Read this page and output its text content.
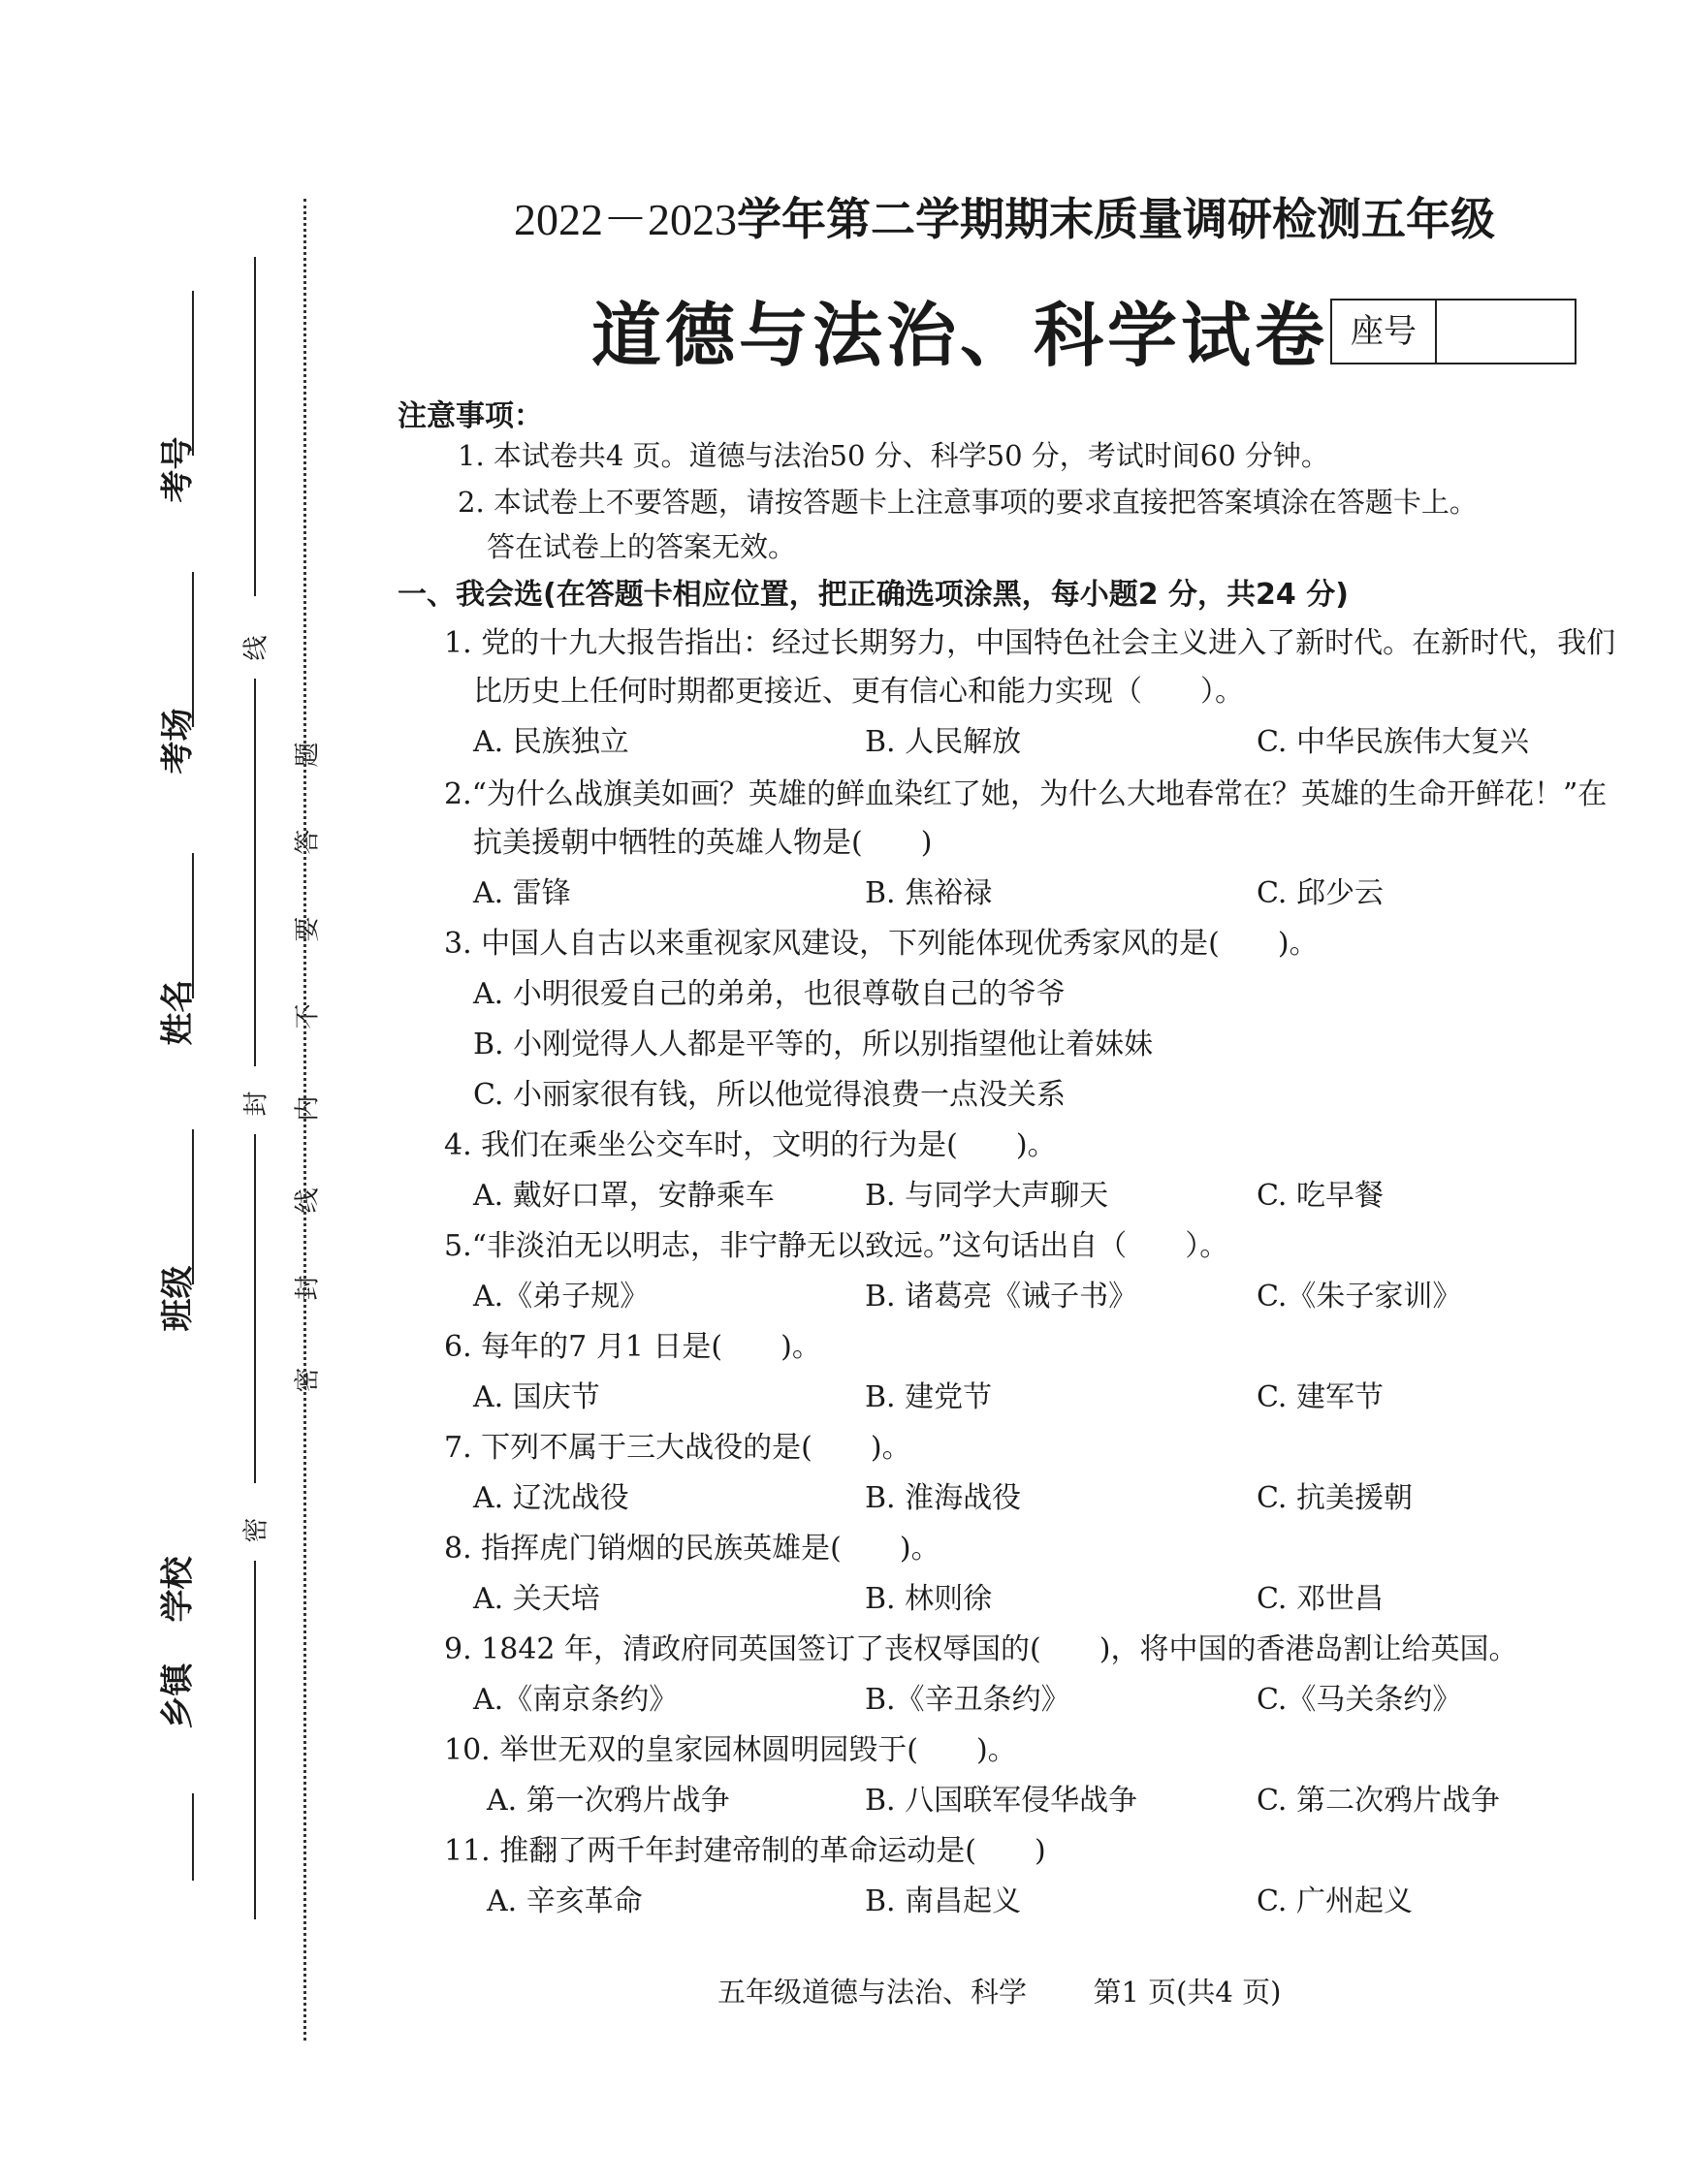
考号
考场
姓名
班级
乡镇
学校
线
封
密
题
答
要
不
内
线
封
密
2022－2023学年第二学期期末质量调研检测五年级
道德与法治、科学试卷 座号
注意事项：
1. 本试卷共4 页。道德与法治50 分、科学50 分，考试时间60 分钟。
2. 本试卷上不要答题，请按答题卡上注意事项的要求直接把答案填涂在答题卡上。
答在试卷上的答案无效。
一、我会选(在答题卡相应位置，把正确选项涂黑，每小题2 分，共24 分)
1. 党的十九大报告指出：经过长期努力，中国特色社会主义进入了新时代。在新时代，我们
比历史上任何时期都更接近、更有信心和能力实现（　　）。
A. 民族独立	B. 人民解放	C. 中华民族伟大复兴
2.“为什么战旗美如画？英雄的鲜血染红了她，为什么大地春常在？英雄的生命开鲜花！”在
抗美援朝中牺牲的英雄人物是(　　)
A. 雷锋	B. 焦裕禄	C. 邱少云
3. 中国人自古以来重视家风建设，下列能体现优秀家风的是(　　)。
A. 小明很爱自己的弟弟，也很尊敬自己的爷爷
B. 小刚觉得人人都是平等的，所以别指望他让着妹妹
C. 小丽家很有钱，所以他觉得浪费一点没关系
4. 我们在乘坐公交车时，文明的行为是(　　)。
A. 戴好口罩，安静乘车	B. 与同学大声聊天	C. 吃早餐
5.“非淡泊无以明志，非宁静无以致远。”这句话出自（　　）。
A.《弟子规》	B. 诸葛亮《诫子书》	C.《朱子家训》
6. 每年的7 月1 日是(　　)。
A. 国庆节	B. 建党节	C. 建军节
7. 下列不属于三大战役的是(　　)。
A. 辽沈战役	B. 淮海战役	C. 抗美援朝
8. 指挥虎门销烟的民族英雄是(　　)。
A. 关天培	B. 林则徐	C. 邓世昌
9. 1842 年，清政府同英国签订了丧权辱国的(　　)，将中国的香港岛割让给英国。
A.《南京条约》	B.《辛丑条约》	C.《马关条约》
10. 举世无双的皇家园林圆明园毁于(　　)。
A. 第一次鸦片战争	B. 八国联军侵华战争	C. 第二次鸦片战争
11. 推翻了两千年封建帝制的革命运动是(　　)
A. 辛亥革命	B. 南昌起义	C. 广州起义
五年级道德与法治、科学 第1 页(共4 页)
